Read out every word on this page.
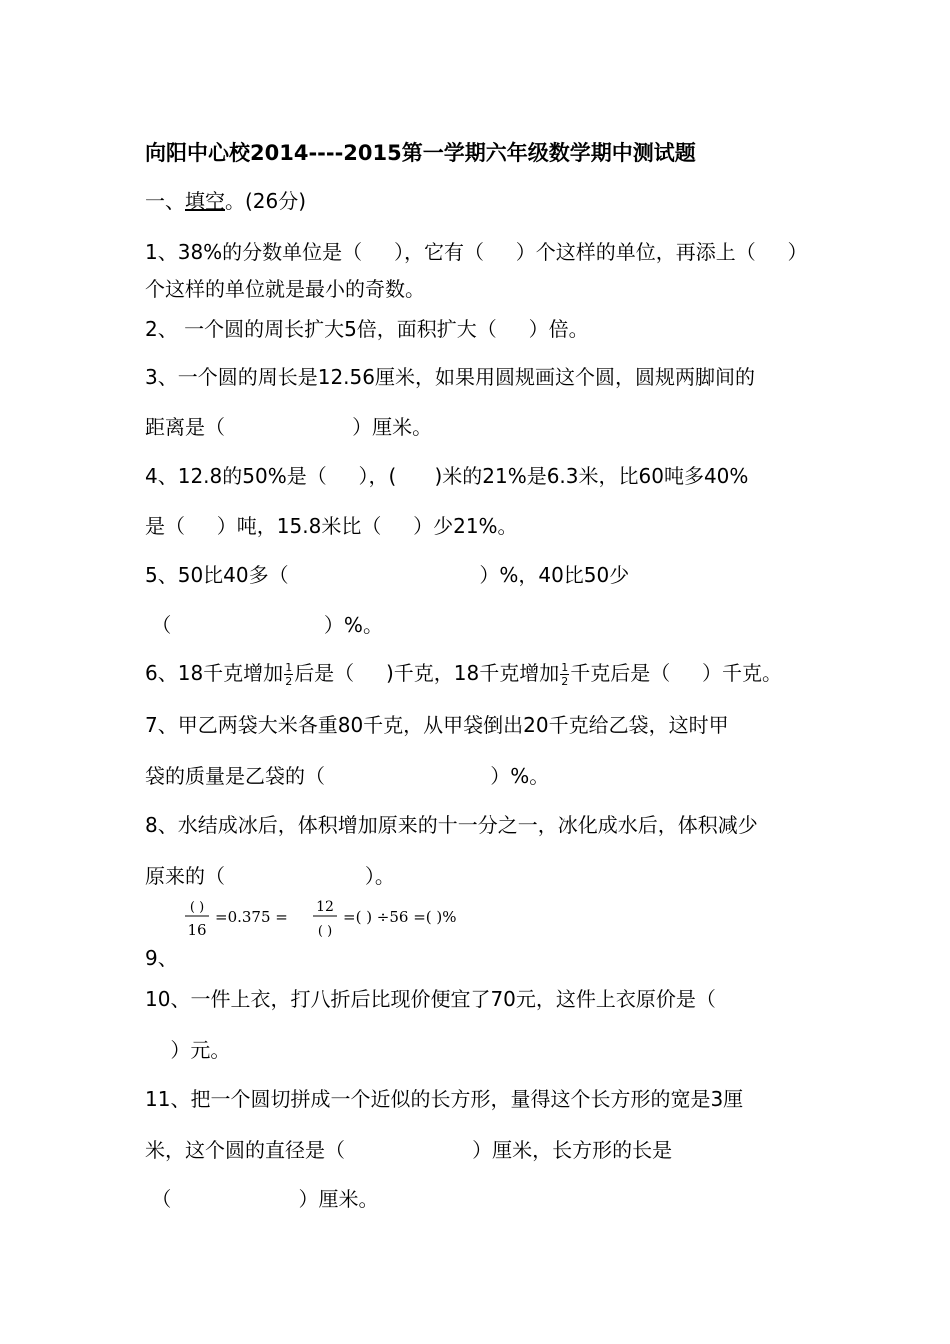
向阳中心校2014----2015第一学期六年级数学期中测试题
一、填空。(26分)
1、38%的分数单位是（     ），它有（     ）个这样的单位，再添上（     ）
个这样的单位就是最小的奇数。
2、 一个圆的周长扩大5倍，面积扩大（     ）倍。
3、一个圆的周长是12.56厘米，如果用圆规画这个圆，圆规两脚间的
距离是（                    ）厘米。
4、12.8的50%是（     ），(      )米的21%是6.3米，比60吨多40%
是（     ）吨，15.8米比（     ）少21%。
5、50比40多（                              ）%，40比50少
（                        ）%。
6、18千克增加 $\frac{1}{2}$ 后是（     )千克，18千克增加 $\frac{1}{2}$ 千克后是（     ）千克。
7、甲乙两袋大米各重80千克，从甲袋倒出20千克给乙袋，这时甲
袋的质量是乙袋的（                          ）%。
8、水结成冰后，体积增加原来的十一分之一，冰化成水后，体积减少
原来的（                      ）。
9、
( )
16
=0.375 =
12
( )
=( ) ÷56 =( )%
10、一件上衣，打八折后比现价便宜了70元，这件上衣原价是（
）元。
11、把一个圆切拼成一个近似的长方形，量得这个长方形的宽是3厘
米，这个圆的直径是（                    ）厘米，长方形的长是
（                    ）厘米。
